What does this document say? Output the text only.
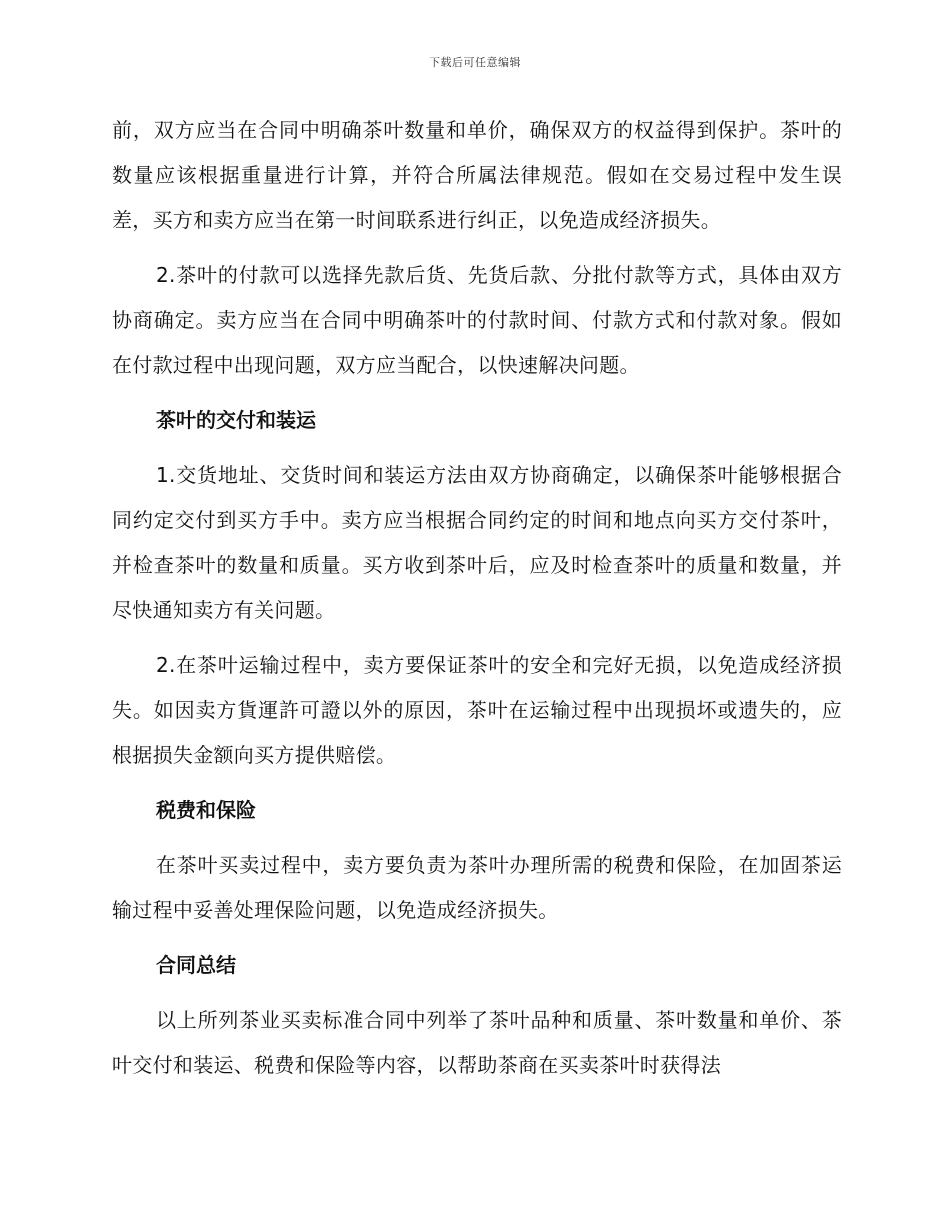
下载后可任意编辑

前，双方应当在合同中明确茶叶数量和单价，确保双方的权益得到保护。茶叶的数量应该根据重量进行计算，并符合所属法律规范。假如在交易过程中发生误差，买方和卖方应当在第一时间联系进行纠正，以免造成经济损失。

2.茶叶的付款可以选择先款后货、先货后款、分批付款等方式，具体由双方协商确定。卖方应当在合同中明确茶叶的付款时间、付款方式和付款对象。假如在付款过程中出现问题，双方应当配合，以快速解决问题。

茶叶的交付和装运

1.交货地址、交货时间和装运方法由双方协商确定，以确保茶叶能够根据合同约定交付到买方手中。卖方应当根据合同约定的时间和地点向买方交付茶叶，并检查茶叶的数量和质量。买方收到茶叶后，应及时检查茶叶的质量和数量，并尽快通知卖方有关问题。

2.在茶叶运输过程中，卖方要保证茶叶的安全和完好无损，以免造成经济损失。如因卖方貨運許可證以外的原因，茶叶在运输过程中出现损坏或遗失的，应根据损失金额向买方提供赔偿。

税费和保险

在茶叶买卖过程中，卖方要负责为茶叶办理所需的税费和保险，在加固茶运输过程中妥善处理保险问题，以免造成经济损失。

合同总结

以上所列茶业买卖标准合同中列举了茶叶品种和质量、茶叶数量和单价、茶叶交付和装运、税费和保险等内容，以帮助茶商在买卖茶叶时获得法
